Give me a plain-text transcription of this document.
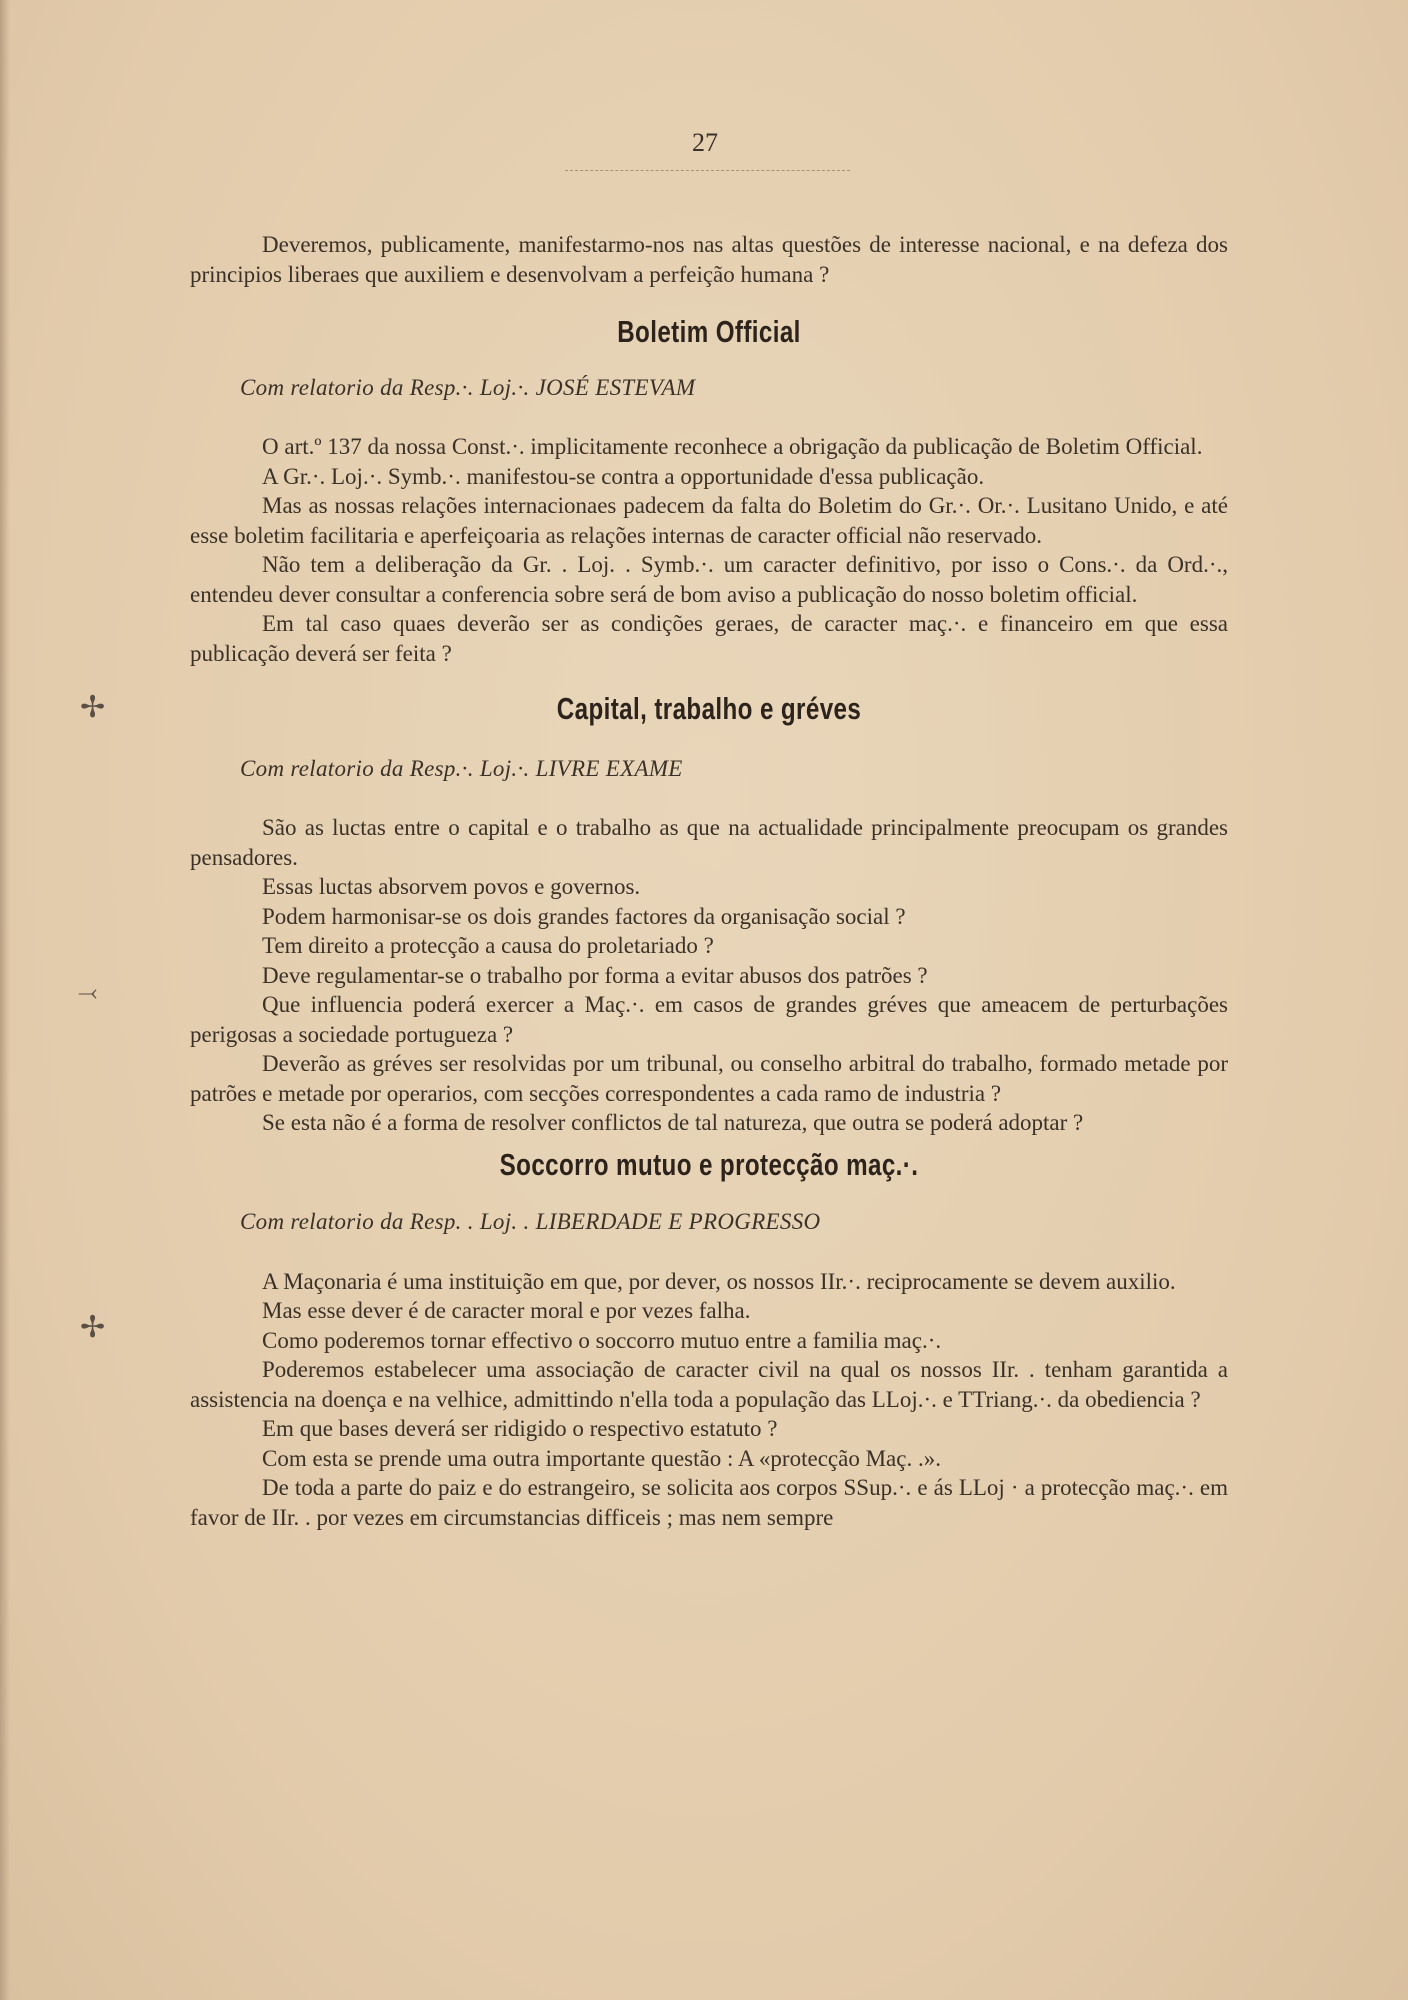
✢
⤙
✢
27

Deveremos, publicamente, manifestarmo-nos nas altas questões de interesse nacional, e na defeza dos principios liberaes que auxiliem e desenvolvam a perfeição humana ?

Boletim Official

Com relatorio da Resp.·. Loj.·. JOSÉ ESTEVAM

O art.º 137 da nossa Const.·. implicitamente reconhece a obrigação da publicação de Boletim Official.

A Gr.·. Loj.·. Symb.·. manifestou-se contra a opportunidade d'essa publicação.

Mas as nossas relações internacionaes padecem da falta do Boletim do Gr.·. Or.·. Lusitano Unido, e até esse boletim facilitaria e aperfeiçoaria as relações internas de caracter official não reservado.

Não tem a deliberação da Gr. . Loj. . Symb.·. um caracter definitivo, por isso o Cons.·. da Ord.·., entendeu dever consultar a conferencia sobre será de bom aviso a publicação do nosso boletim official.

Em tal caso quaes deverão ser as condições geraes, de caracter maç.·. e financeiro em que essa publicação deverá ser feita ?

Capital, trabalho e gréves

Com relatorio da Resp.·. Loj.·. LIVRE EXAME

São as luctas entre o capital e o trabalho as que na actualidade principalmente preocupam os grandes pensadores.

Essas luctas absorvem povos e governos.

Podem harmonisar-se os dois grandes factores da organisação social ?

Tem direito a protecção a causa do proletariado ?

Deve regulamentar-se o trabalho por forma a evitar abusos dos patrões ?

Que influencia poderá exercer a Maç.·. em casos de grandes gréves que ameacem de perturbações perigosas a sociedade portugueza ?

Deverão as gréves ser resolvidas por um tribunal, ou conselho arbitral do trabalho, formado metade por patrões e metade por operarios, com secções correspondentes a cada ramo de industria ?

Se esta não é a forma de resolver conflictos de tal natureza, que outra se poderá adoptar ?

Soccorro mutuo e protecção maç.·.

Com relatorio da Resp. . Loj. . LIBERDADE E PROGRESSO

A Maçonaria é uma instituição em que, por dever, os nossos IIr.·. reciprocamente se devem auxilio.

Mas esse dever é de caracter moral e por vezes falha.

Como poderemos tornar effectivo o soccorro mutuo entre a familia maç.·.

Poderemos estabelecer uma associação de caracter civil na qual os nossos IIr. . tenham garantida a assistencia na doença e na velhice, admittindo n'ella toda a população das LLoj.·. e TTriang.·. da obediencia ?

Em que bases deverá ser ridigido o respectivo estatuto ?

Com esta se prende uma outra importante questão : A «protecção Maç. .».

De toda a parte do paiz e do estrangeiro, se solicita aos corpos SSup.·. e ás LLoj · a protecção maç.·. em favor de IIr. . por vezes em circumstancias difficeis ; mas nem sempre
